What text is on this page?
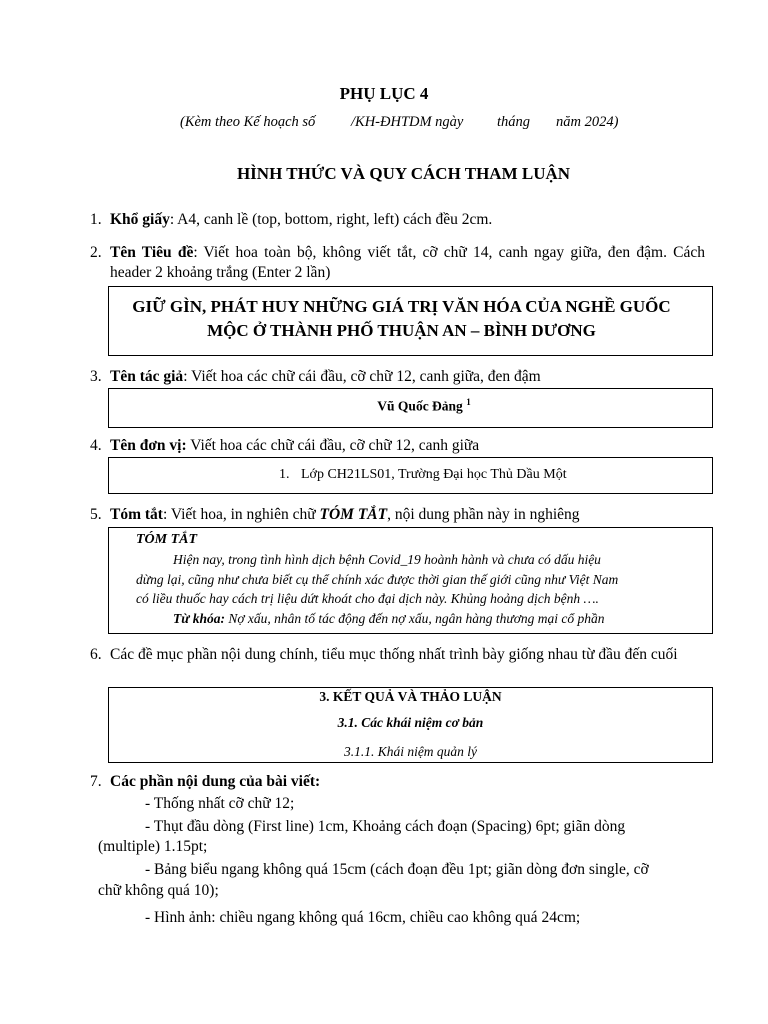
PHỤ LỤC 4
(Kèm theo Kế hoạch số /KH-ĐHTDM ngày tháng năm 2024)
HÌNH THỨC VÀ QUY CÁCH THAM LUẬN
1. Khổ giấy: A4, canh lề (top, bottom, right, left) cách đều 2cm.
2. Tên Tiêu đề: Viết hoa toàn bộ, không viết tắt, cỡ chữ 14, canh ngay giữa, đen đậm. Cách header 2 khoảng trắng (Enter 2 lần)
GIỮ GÌN, PHÁT HUY NHỮNG GIÁ TRỊ VĂN HÓA CỦA NGHỀ GUỐC
MỘC Ở THÀNH PHỐ THUẬN AN – BÌNH DƯƠNG
3. Tên tác giả: Viết hoa các chữ cái đầu, cỡ chữ 12, canh giữa, đen đậm
Vũ Quốc Đảng $^1$
4. Tên đơn vị: Viết hoa các chữ cái đầu, cỡ chữ 12, canh giữa
1. Lớp CH21LS01, Trường Đại học Thủ Dầu Một
5. Tóm tắt: Viết hoa, in nghiên chữ TÓM TẮT, nội dung phần này in nghiêng
TÓM TẮT
Hiện nay, trong tình hình dịch bệnh Covid_19 hoành hành và chưa có dấu hiệu
dừng lại, cũng như chưa biết cụ thể chính xác được thời gian thế giới cũng như Việt Nam
có liều thuốc hay cách trị liệu dứt khoát cho đại dịch này. Khủng hoảng dịch bệnh ….
Từ khóa: Nợ xấu, nhân tố tác động đến nợ xấu, ngân hàng thương mại cổ phần
6. Các đề mục phần nội dung chính, tiểu mục thống nhất trình bày giống nhau từ đầu đến cuối
3. KẾT QUẢ VÀ THẢO LUẬN
3.1. Các khái niệm cơ bản
3.1.1. Khái niệm quản lý
7. Các phần nội dung của bài viết:
- Thống nhất cỡ chữ 12;
- Thụt đầu dòng (First line) 1cm, Khoảng cách đoạn (Spacing) 6pt; giãn dòng
(multiple) 1.15pt;
- Bảng biểu ngang không quá 15cm (cách đoạn đều 1pt; giãn dòng đơn single, cỡ
chữ không quá 10);
- Hình ảnh: chiều ngang không quá 16cm, chiều cao không quá 24cm;
